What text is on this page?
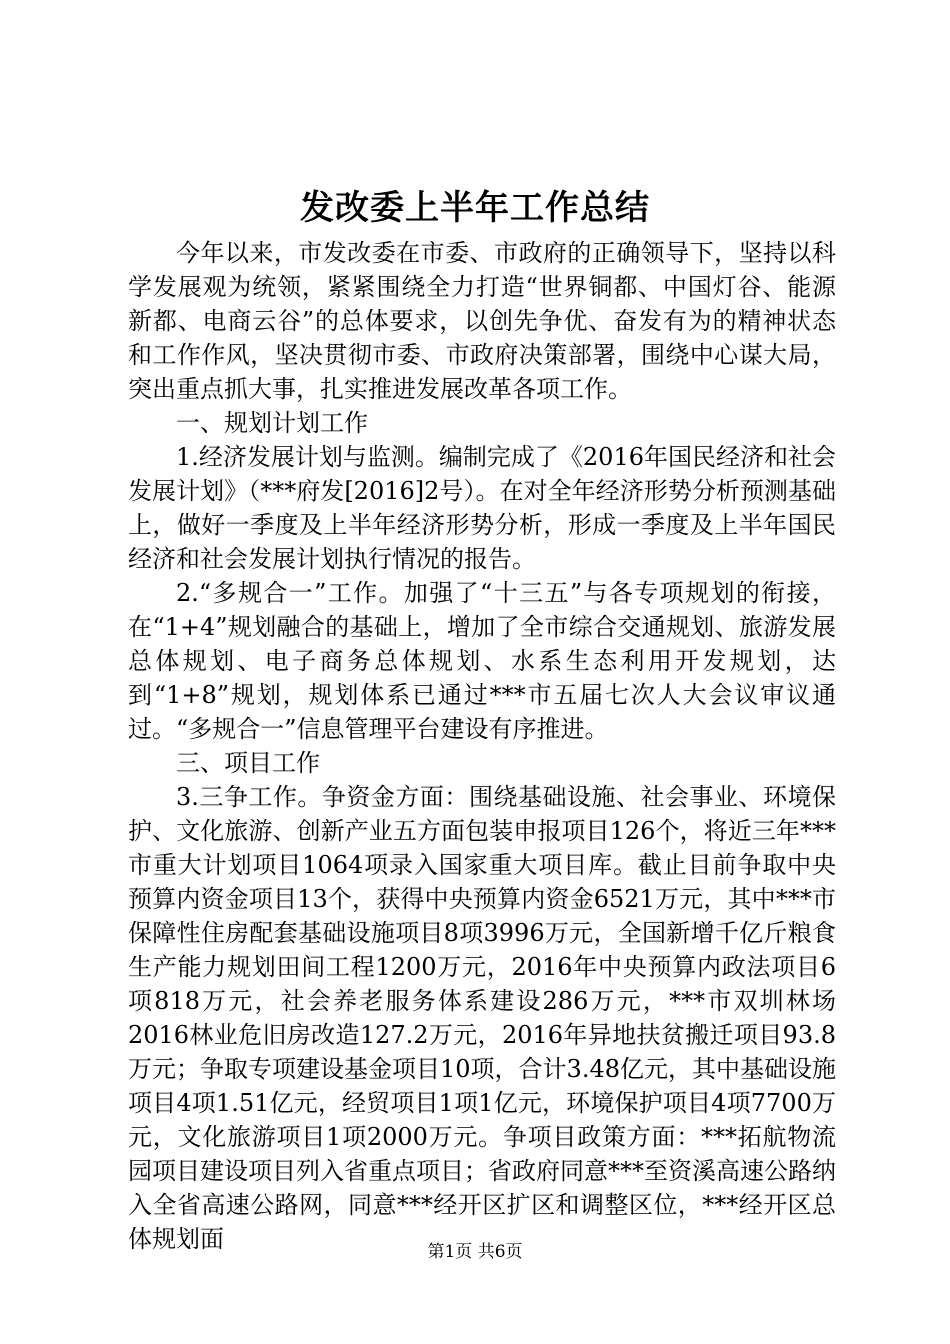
发改委上半年工作总结

今年以来，市发改委在市委、市政府的正确领导下，坚持以科学发展观为统领，紧紧围绕全力打造“世界铜都、中国灯谷、能源新都、电商云谷”的总体要求，以创先争优、奋发有为的精神状态和工作作风，坚决贯彻市委、市政府决策部署，围绕中心谋大局，突出重点抓大事，扎实推进发展改革各项工作。

一、规划计划工作

1.经济发展计划与监测。编制完成了《2016年国民经济和社会发展计划》（***府发[2016]2号）。在对全年经济形势分析预测基础上，做好一季度及上半年经济形势分析，形成一季度及上半年国民经济和社会发展计划执行情况的报告。

2.“多规合一”工作。加强了“十三五”与各专项规划的衔接，在“1+4”规划融合的基础上，增加了全市综合交通规划、旅游发展总体规划、电子商务总体规划、水系生态利用开发规划，达到“1+8”规划，规划体系已通过***市五届七次人大会议审议通过。“多规合一”信息管理平台建设有序推进。

三、项目工作

3.三争工作。争资金方面：围绕基础设施、社会事业、环境保护、文化旅游、创新产业五方面包装申报项目126个，将近三年***市重大计划项目1064项录入国家重大项目库。截止目前争取中央预算内资金项目13个，获得中央预算内资金6521万元，其中***市保障性住房配套基础设施项目8项3996万元，全国新增千亿斤粮食生产能力规划田间工程1200万元，2016年中央预算内政法项目6项818万元，社会养老服务体系建设286万元，***市双圳林场2016林业危旧房改造127.2万元，2016年异地扶贫搬迁项目93.8万元；争取专项建设基金项目10项，合计3.48亿元，其中基础设施项目4项1.51亿元，经贸项目1项1亿元，环境保护项目4项7700万元，文化旅游项目1项2000万元。争项目政策方面：***拓航物流园项目建设项目列入省重点项目；省政府同意***至资溪高速公路纳入全省高速公路网，同意***经开区扩区和调整区位，***经开区总体规划面	第1页 共6页
